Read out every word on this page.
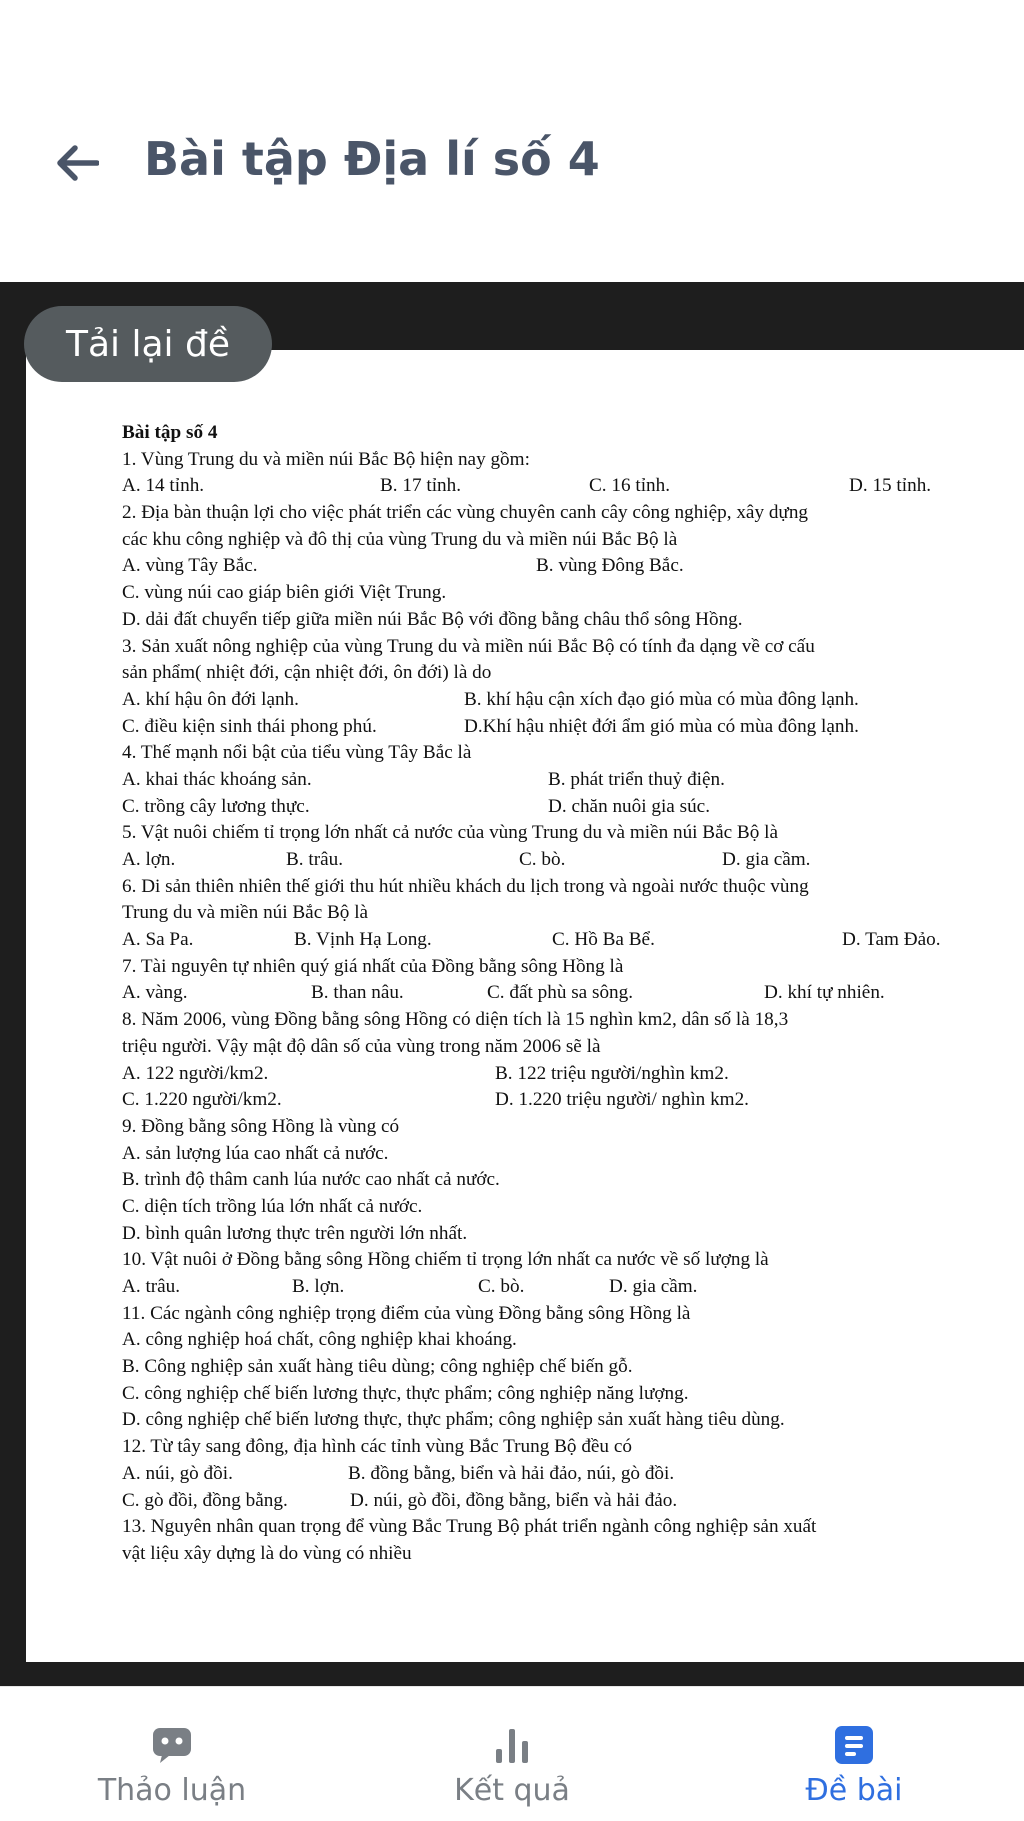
Bài tập Địa lí số 4
Tải lại đề
Bài tập số 4
1. Vùng Trung du và miền núi Bắc Bộ hiện nay gồm:
A. 14 tỉnh.	B. 17 tỉnh.	C. 16 tỉnh.	D. 15 tỉnh.
2. Địa bàn thuận lợi cho việc phát triển các vùng chuyên canh cây công nghiệp, xây dựng
các khu công nghiệp và đô thị của vùng Trung du và miền núi Bắc Bộ là
A. vùng Tây Bắc.	B. vùng Đông Bắc.
C. vùng núi cao giáp biên giới Việt Trung.
D. dải đất chuyển tiếp giữa miền núi Bắc Bộ với đồng bằng châu thổ sông Hồng.
3. Sản xuất nông nghiệp của vùng Trung du và miền núi Bắc Bộ có tính đa dạng về cơ cấu
sản phẩm( nhiệt đới, cận nhiệt đới, ôn đới) là do
A. khí hậu ôn đới lạnh.	B. khí hậu cận xích đạo gió mùa có mùa đông lạnh.
C. điều kiện sinh thái phong phú.	D.Khí hậu nhiệt đới ẩm gió mùa có mùa đông lạnh.
4. Thế mạnh nổi bật của tiểu vùng Tây Bắc là
A. khai thác khoáng sản.	B. phát triển thuỷ điện.
C. trồng cây lương thực.	D. chăn nuôi gia súc.
5. Vật nuôi chiếm tỉ trọng lớn nhất cả nước của vùng Trung du và miền núi Bắc Bộ là
A. lợn.	B. trâu.	C. bò.	D. gia cầm.
6. Di sản thiên nhiên thế giới thu hút nhiều khách du lịch trong và ngoài nước thuộc vùng
Trung du và miền núi Bắc Bộ là
A. Sa Pa.	B. Vịnh Hạ Long.	C. Hồ Ba Bể.	D. Tam Đảo.
7. Tài nguyên tự nhiên quý giá nhất của Đồng bằng sông Hồng là
A. vàng.	B. than nâu.	C. đất phù sa sông.	D. khí tự nhiên.
8. Năm 2006, vùng Đồng bằng sông Hồng có diện tích là 15 nghìn km2, dân số là 18,3
triệu người. Vậy mật độ dân số của vùng trong năm 2006 sẽ là
A. 122 người/km2.	B. 122 triệu người/nghìn km2.
C. 1.220 người/km2.	D. 1.220 triệu người/ nghìn km2.
9. Đồng bằng sông Hồng là vùng có
A. sản lượng lúa cao nhất cả nước.
B. trình độ thâm canh lúa nước cao nhất cả nước.
C. diện tích trồng lúa lớn nhất cả nước.
D. bình quân lương thực trên người lớn nhất.
10. Vật nuôi ở Đồng bằng sông Hồng chiếm tỉ trọng lớn nhất ca nước về số lượng là
A. trâu.	B. lợn.	C. bò.	D. gia cầm.
11. Các ngành công nghiệp trọng điểm của vùng Đồng bằng sông Hồng là
A. công nghiệp hoá chất, công nghiệp khai khoáng.
B. Công nghiệp sản xuất hàng tiêu dùng; công nghiệp chế biến gỗ.
C. công nghiệp chế biến lương thực, thực phẩm; công nghiệp năng lượng.
D. công nghiệp chế biến lương thực, thực phẩm; công nghiệp sản xuất hàng tiêu dùng.
12. Từ tây sang đông, địa hình các tỉnh vùng Bắc Trung Bộ đều có
A. núi, gò đồi.	B. đồng bằng, biển và hải đảo, núi, gò đồi.
C. gò đồi, đồng bằng.	D. núi, gò đồi, đồng bằng, biển và hải đảo.
13. Nguyên nhân quan trọng để vùng Bắc Trung Bộ phát triển ngành công nghiệp sản xuất
vật liệu xây dựng là do vùng có nhiều
Thảo luận	Kết quả	Đề bài
